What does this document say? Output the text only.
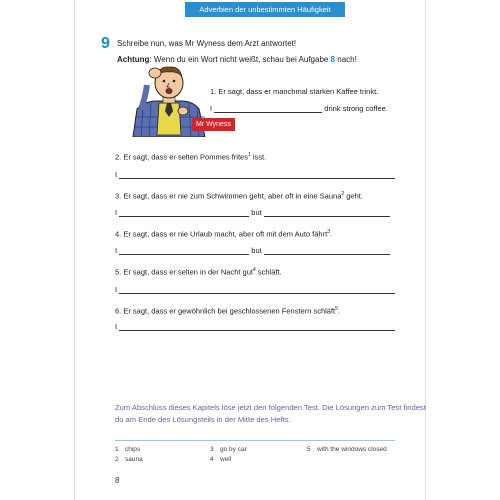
Adverbien der unbestimmten Häufigkeit
9 Schreibe nun, was Mr Wyness dem Arzt antwortet!
Achtung: Wenn du ein Wort nicht weißt, schau bei Aufgabe 8 nach!
Mr Wyness
1. Er sagt, dass er manchmal starken Kaffee trinkt.
I	drink strong coffee.
2. Er sagt, dass er selten Pommes frites$^1$ isst.
I
3. Er sagt, dass er nie zum Schwimmen geht, aber oft in eine Sauna$^2$ geht.
I	but
4. Er sagt, dass er nie Urlaub macht, aber oft mit dem Auto fährt$^3$.
I	but
5. Er sagt, dass er selten in der Nacht gut$^4$ schläft.
I
6. Er sagt, dass er gewöhnlich bei geschlossenen Fenstern schläft$^5$.
I
Zum Abschluss dieses Kapitels löse jetzt den folgenden Test. Die Lösungen zum Test findest du am Ende des Lösungsteils in der Mitte des Hefts.
1 chips
2 sauna
3 go by car
4 well
5 with the windows closed
8
